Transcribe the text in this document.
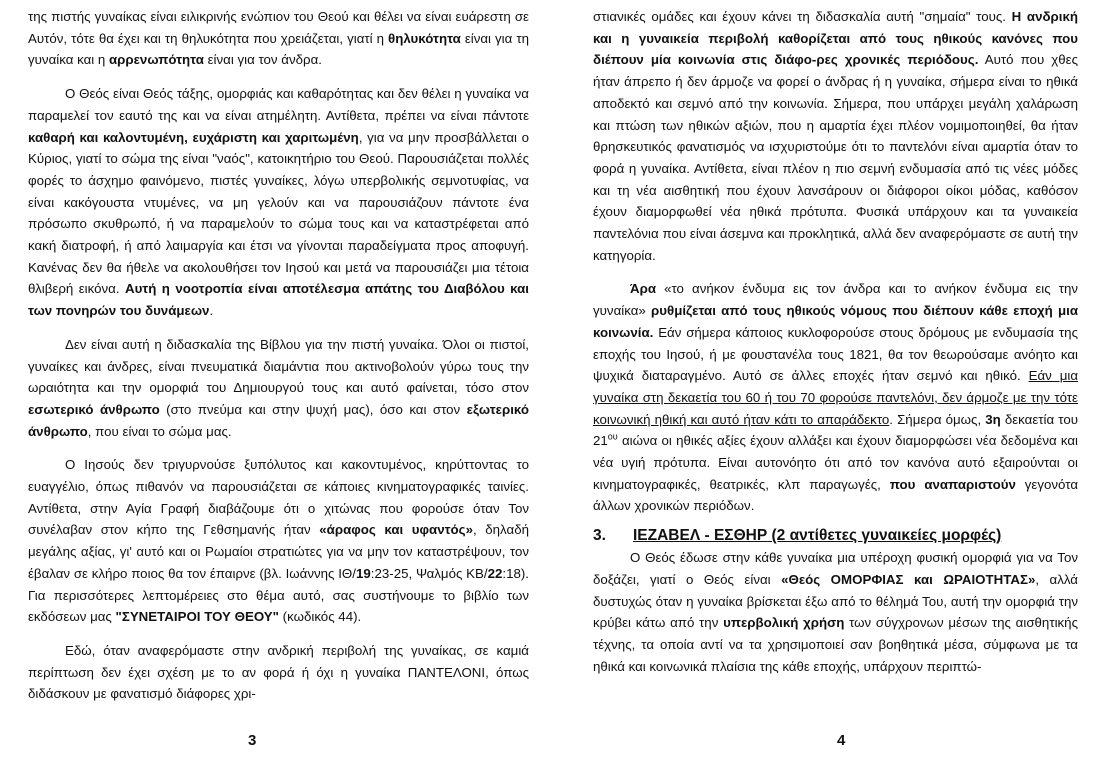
της πιστής γυναίκας είναι ειλικρινής ενώπιον του Θεού και θέλει να είναι ευάρεστη σε Αυτόν, τότε θα έχει και τη θηλυκότητα που χρειάζεται, γιατί η θηλυκότητα είναι για τη γυναίκα και η αρρενωπότητα είναι για τον άνδρα.

Ο Θεός είναι Θεός τάξης, ομορφιάς και καθαρότητας και δεν θέλει η γυναίκα να παραμελεί τον εαυτό της και να είναι ατημέλητη. Αντίθετα, πρέπει να είναι πάντοτε καθαρή και καλοντυμένη, ευχάριστη και χαριτωμένη, για να μην προσβάλλεται ο Κύριος, γιατί το σώμα της είναι "ναός", κατοικητήριο του Θεού. Παρουσιάζεται πολλές φορές το άσχημο φαινόμενο, πιστές γυναίκες, λόγω υπερβολικής σεμνοτυφίας, να είναι κακόγουστα ντυμένες, να μη γελούν και να παρουσιάζουν πάντοτε ένα πρόσωπο σκυθρωπό, ή να παραμελούν το σώμα τους και να καταστρέφεται από κακή διατροφή, ή από λαιμαργία και έτσι να γίνονται παραδείγματα προς αποφυγή. Κανένας δεν θα ήθελε να ακολουθήσει τον Ιησού και μετά να παρουσιάζει μια τέτοια θλιβερή εικόνα. Αυτή η νοοτροπία είναι αποτέλεσμα απάτης του Διαβόλου και των πονηρών του δυνάμεων.

Δεν είναι αυτή η διδασκαλία της Βίβλου για την πιστή γυναίκα. Όλοι οι πιστοί, γυναίκες και άνδρες, είναι πνευματικά διαμάντια που ακτινοβολούν γύρω τους την ωραιότητα και την ομορφιά του Δημιουργού τους και αυτό φαίνεται, τόσο στον εσωτερικό άνθρωπο (στο πνεύμα και στην ψυχή μας), όσο και στον εξωτερικό άνθρωπο, που είναι το σώμα μας.

Ο Ιησούς δεν τριγυρνούσε ξυπόλυτος και κακοντυμένος, κηρύττοντας το ευαγγέλιο, όπως πιθανόν να παρουσιάζεται σε κάποιες κινηματογραφικές ταινίες. Αντίθετα, στην Αγία Γραφή διαβάζουμε ότι ο χιτώνας που φορούσε όταν Τον συνέλαβαν στον κήπο της Γεθσημανής ήταν «άραφος και υφαντός», δηλαδή μεγάλης αξίας, γι' αυτό και οι Ρωμαίοι στρατιώτες για να μην τον καταστρέψουν, τον έβαλαν σε κλήρο ποιος θα τον έπαιρνε (βλ. Ιωάννης ΙΘ/19:23-25, Ψαλμός ΚΒ/22:18). Για περισσότερες λεπτομέρειες στο θέμα αυτό, σας συστήνουμε το βιβλίο των εκδόσεων μας "ΣΥΝΕΤΑΙΡΟΙ ΤΟΥ ΘΕΟΥ" (κωδικός 44).

Εδώ, όταν αναφερόμαστε στην ανδρική περιβολή της γυναίκας, σε καμιά περίπτωση δεν έχει σχέση με το αν φορά ή όχι η γυναίκα ΠΑΝΤΕΛΟΝΙ, όπως διδάσκουν με φανατισμό διάφορες χρι-

3

στιανικές ομάδες και έχουν κάνει τη διδασκαλία αυτή "σημαία" τους. Η ανδρική και η γυναικεία περιβολή καθορίζεται από τους ηθικούς κανόνες που διέπουν μία κοινωνία στις διάφο-ρες χρονικές περιόδους. Αυτό που χθες ήταν άπρεπο ή δεν άρμοζε να φορεί ο άνδρας ή η γυναίκα, σήμερα είναι το ηθικά αποδεκτό και σεμνό από την κοινωνία. Σήμερα, που υπάρχει μεγάλη χαλάρωση και πτώση των ηθικών αξιών, που η αμαρτία έχει πλέον νομιμοποιηθεί, θα ήταν θρησκευτικός φανατισμός να ισχυριστούμε ότι το παντελόνι είναι αμαρτία όταν το φορά η γυναίκα. Αντίθετα, είναι πλέον η πιο σεμνή ενδυμασία από τις νέες μόδες και τη νέα αισθητική που έχουν λανσάρουν οι διάφοροι οίκοι μόδας, καθόσον έχουν διαμορφωθεί νέα ηθικά πρότυπα. Φυσικά υπάρχουν και τα γυναικεία παντελόνια που είναι άσεμνα και προκλητικά, αλλά δεν αναφερόμαστε σε αυτή την κατηγορία.

Άρα «το ανήκον ένδυμα εις τον άνδρα και το ανήκον ένδυμα εις την γυναίκα» ρυθμίζεται από τους ηθικούς νόμους που διέπουν κάθε εποχή μια κοινωνία. Εάν σήμερα κάποιος κυκλοφορούσε στους δρόμους με ενδυμασία της εποχής του Ιησού, ή με φουστανέλα τους 1821, θα τον θεωρούσαμε ανόητο και ψυχικά διαταραγμένο. Αυτό σε άλλες εποχές ήταν σεμνό και ηθικό. Εάν μια γυναίκα στη δεκαετία του 60 ή του 70 φορούσε παντελόνι, δεν άρμοζε με την τότε κοινωνική ηθική και αυτό ήταν κάτι το απαράδεκτο. Σήμερα όμως, 3η δεκαετία του $21^{o\upsilon}$ αιώνα οι ηθικές αξίες έχουν αλλάξει και έχουν διαμορφώσει νέα δεδομένα και νέα υγιή πρότυπα. Είναι αυτονόητο ότι από τον κανόνα αυτό εξαιρούνται οι κινηματογραφικές, θεατρικές, κλπ παραγωγές, που αναπαριστούν γεγονότα άλλων χρονικών περιόδων.

3.	ΙΕΖΑΒΕΛ - ΕΣΘΗΡ (2 αντίθετες γυναικείες μορφές)

Ο Θεός έδωσε στην κάθε γυναίκα μια υπέροχη φυσική ομορφιά για να Τον δοξάζει, γιατί ο Θεός είναι «Θεός ΟΜΟΡΦΙΑΣ και ΩΡΑΙΟΤΗΤΑΣ», αλλά δυστυχώς όταν η γυναίκα βρίσκεται έξω από το θέλημά Του, αυτή την ομορφιά την κρύβει κάτω από την υπερβολική χρήση των σύγχρονων μέσων της αισθητικής τέχνης, τα οποία αντί να τα χρησιμοποιεί σαν βοηθητικά μέσα, σύμφωνα με τα ηθικά και κοινωνικά πλαίσια της κάθε εποχής, υπάρχουν περιπτώ-

4
